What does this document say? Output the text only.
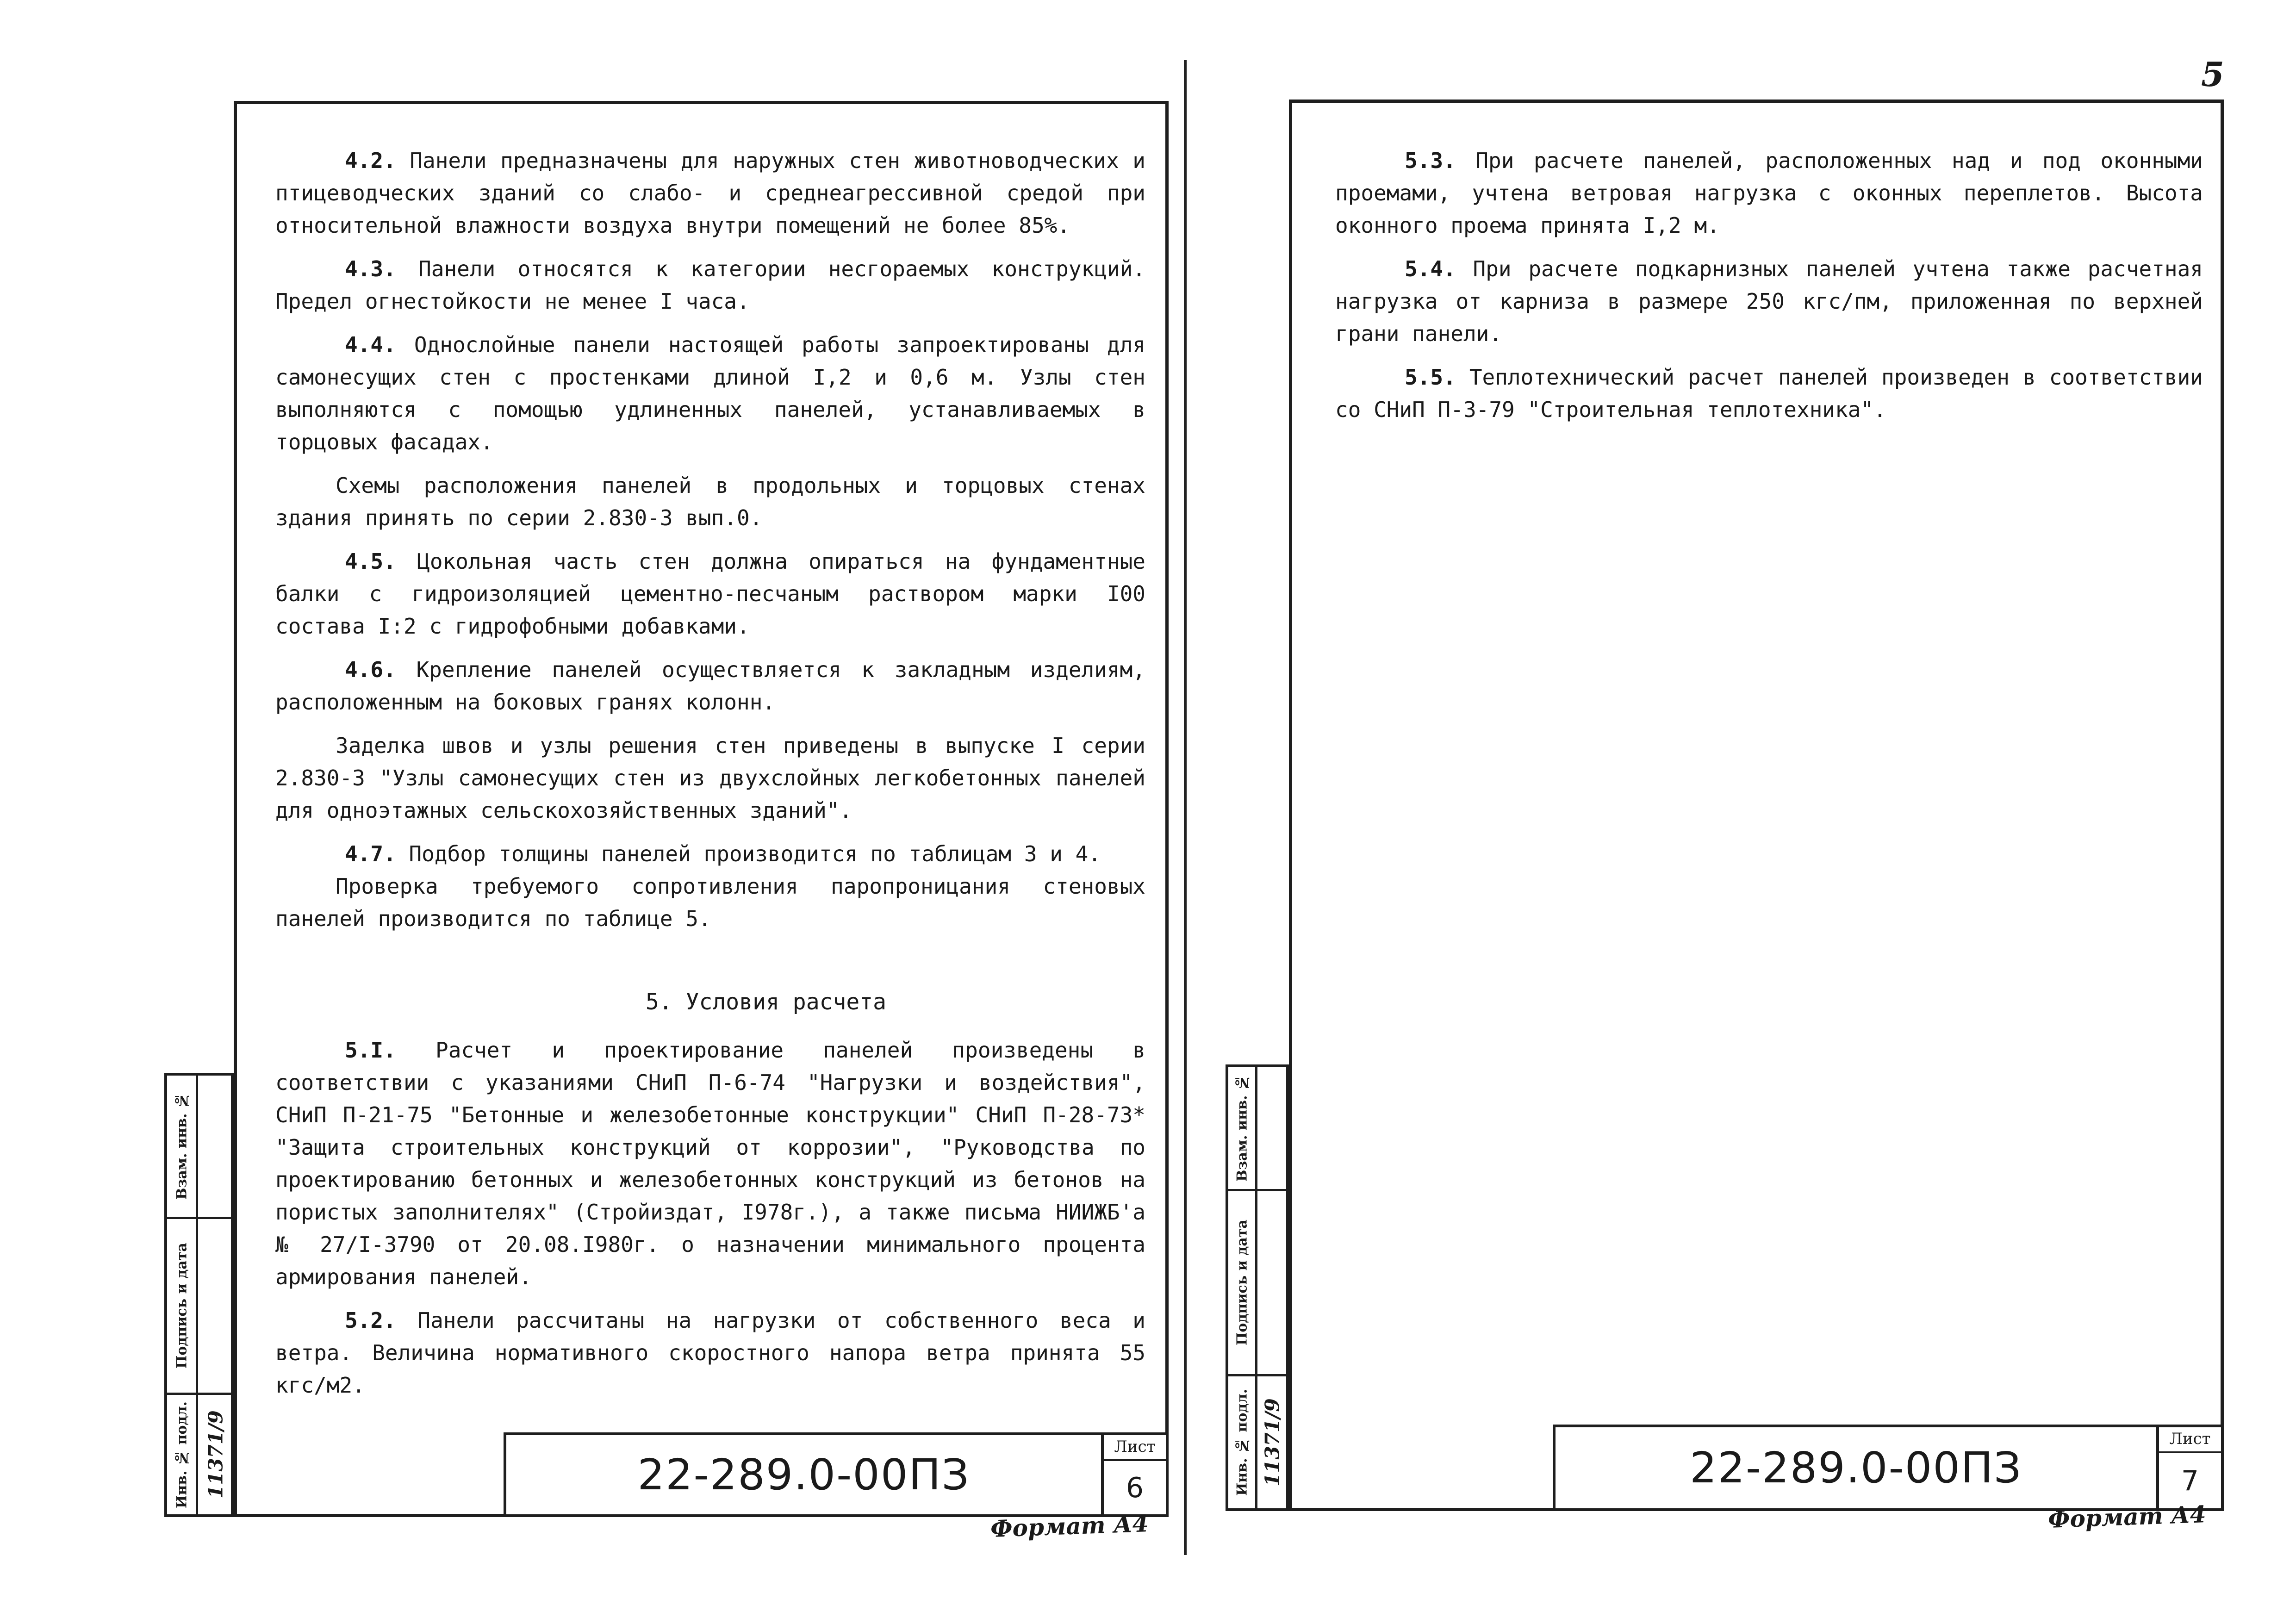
5

4.2. Панели предназначены для наружных стен животноводческих и птицеводческих зданий со слабо- и среднеагрессивной средой при относительной влажности воздуха внутри помещений не более 85%.

4.3. Панели относятся к категории несгораемых конструкций. Предел огнестойкости не менее I часа.

4.4. Однослойные панели настоящей работы запроектированы для самонесущих стен с простенками длиной I,2 и 0,6 м. Узлы стен выполняются с помощью удлиненных панелей, устанавливаемых в торцовых фасадах.

Схемы расположения панелей в продольных и торцовых стенах здания принять по серии 2.830-3 вып.0.

4.5. Цокольная часть стен должна опираться на фундаментные балки с гидроизоляцией цементно-песчаным раствором марки I00 состава I:2 с гидрофобными добавками.

4.6. Крепление панелей осуществляется к закладным изделиям, расположенным на боковых гранях колонн.

Заделка швов и узлы решения стен приведены в выпуске I серии 2.830-3 "Узлы самонесущих стен из двухслойных легкобетонных панелей для одноэтажных сельскохозяйственных зданий".

4.7. Подбор толщины панелей производится по таблицам 3 и 4.

Проверка требуемого сопротивления паропроницания стеновых панелей производится по таблице 5.

5. Условия расчета

5.I. Расчет и проектирование панелей произведены в соответствии с указаниями СНиП П-6-74 "Нагрузки и воздействия", СНиП П-21-75 "Бетонные и железобетонные конструкции" СНиП П-28-73* "Защита строительных конструкций от коррозии", "Руководства по проектированию бетонных и железобетонных конструкций из бетонов на пористых заполнителях" (Стройиздат, I978г.), а также письма НИИЖБ'а № 27/I-3790 от 20.08.I980г. о назначении минимального процента армирования панелей.

5.2. Панели рассчитаны на нагрузки от собственного веса и ветра. Величина нормативного скоростного напора ветра принята 55 кгс/м2.

Взам. инв. №
Подпись и дата
Инв. № подл. 11371/9	22-289.0-00ПЗ
Лист
6
Формат А4

5.3. При расчете панелей, расположенных над и под оконными проемами, учтена ветровая нагрузка с оконных переплетов. Высота оконного проема принята I,2 м.

5.4. При расчете подкарнизных панелей учтена также расчетная нагрузка от карниза в размере 250 кгс/пм, приложенная по верхней грани панели.

5.5. Теплотехнический расчет панелей произведен в соответствии со СНиП П-3-79 "Строительная теплотехника".

Взам. инв. №
Подпись и дата
Инв. № подл. 11371/9	22-289.0-00ПЗ
Лист
7
Формат А4
